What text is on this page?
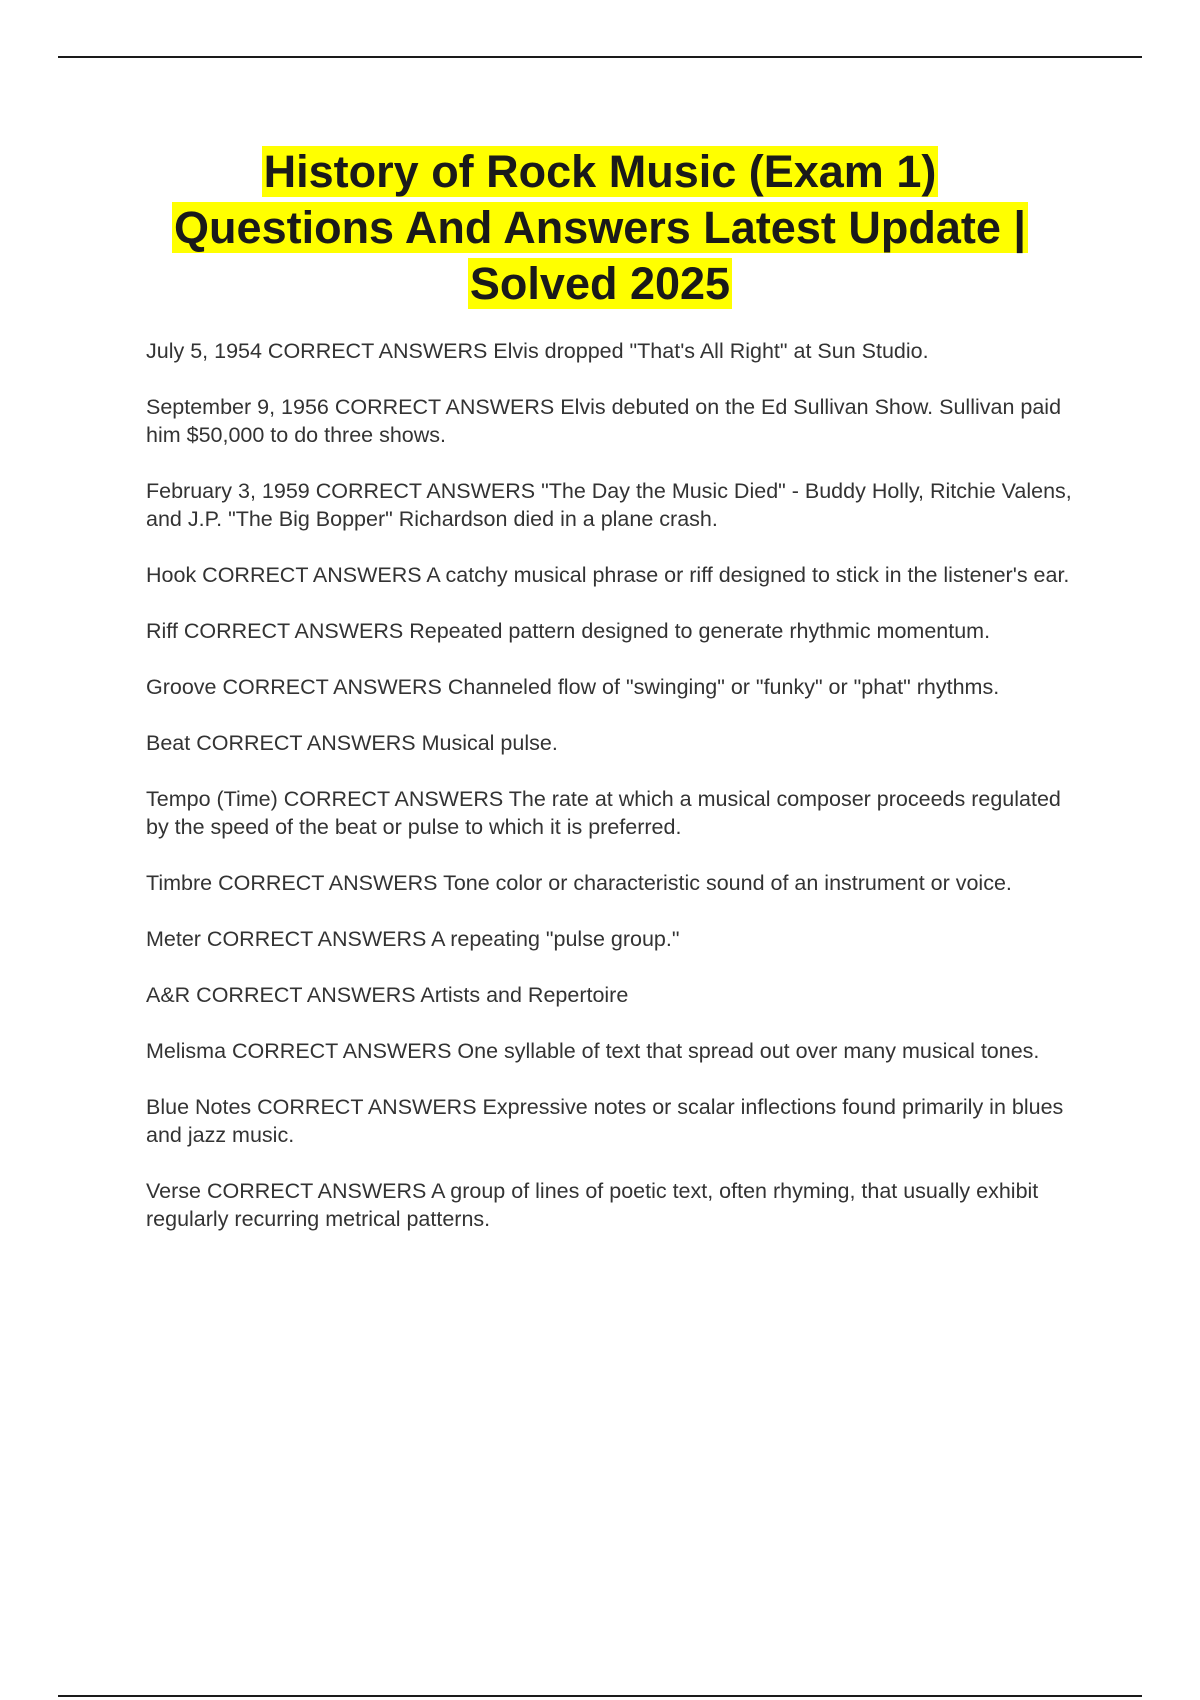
History of Rock Music (Exam 1)
Questions And Answers Latest Update |
Solved 2025

July 5, 1954 CORRECT ANSWERS Elvis dropped "That's All Right" at Sun Studio.

September 9, 1956 CORRECT ANSWERS Elvis debuted on the Ed Sullivan Show. Sullivan paid him $50,000 to do three shows.

February 3, 1959 CORRECT ANSWERS "The Day the Music Died" - Buddy Holly, Ritchie Valens, and J.P. "The Big Bopper" Richardson died in a plane crash.

Hook CORRECT ANSWERS A catchy musical phrase or riff designed to stick in the listener's ear.

Riff CORRECT ANSWERS Repeated pattern designed to generate rhythmic momentum.

Groove CORRECT ANSWERS Channeled flow of "swinging" or "funky" or "phat" rhythms.

Beat CORRECT ANSWERS Musical pulse.

Tempo (Time) CORRECT ANSWERS The rate at which a musical composer proceeds regulated by the speed of the beat or pulse to which it is preferred.

Timbre CORRECT ANSWERS Tone color or characteristic sound of an instrument or voice.

Meter CORRECT ANSWERS A repeating "pulse group."

A&R CORRECT ANSWERS Artists and Repertoire

Melisma CORRECT ANSWERS One syllable of text that spread out over many musical tones.

Blue Notes CORRECT ANSWERS Expressive notes or scalar inflections found primarily in blues and jazz music.

Verse CORRECT ANSWERS A group of lines of poetic text, often rhyming, that usually exhibit regularly recurring metrical patterns.
